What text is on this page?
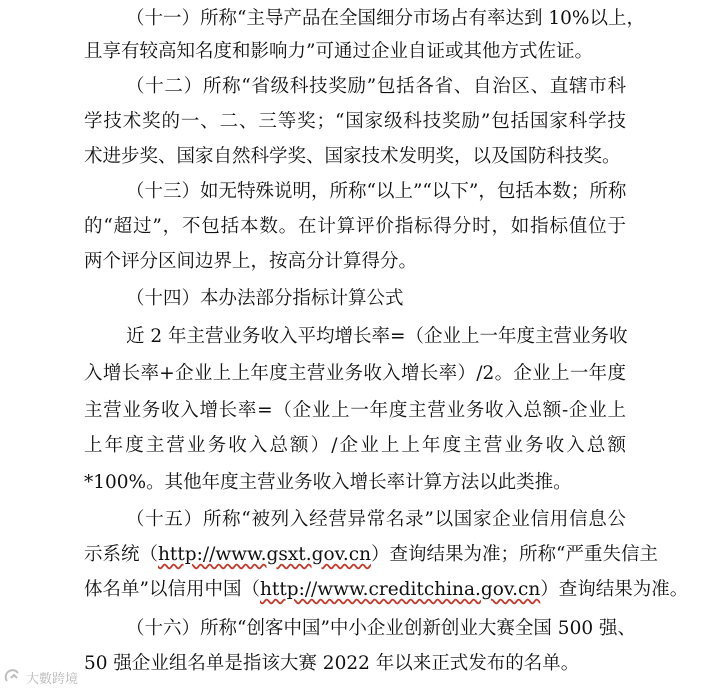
（十一）所称“主导产品在全国细分市场占有率达到 10%以上，
且享有较高知名度和影响力”可通过企业自证或其他方式佐证。
（十二）所称“省级科技奖励”包括各省、自治区、直辖市科
学技术奖的一、二、三等奖；“国家级科技奖励”包括国家科学技
术进步奖、国家自然科学奖、国家技术发明奖，以及国防科技奖。
（十三）如无特殊说明，所称“以上”“以下”，包括本数；所称
的“超过”，不包括本数。在计算评价指标得分时，如指标值位于
两个评分区间边界上，按高分计算得分。
（十四）本办法部分指标计算公式
近 2 年主营业务收入平均增长率=（企业上一年度主营业务收
入增长率+企业上上年度主营业务收入增长率）/2。企业上一年度
主营业务收入增长率=（企业上一年度主营业务收入总额-企业上
上年度主营业务收入总额）/企业上上年度主营业务收入总额
*100%。其他年度主营业务收入增长率计算方法以此类推。
（十五）所称“被列入经营异常名录”以国家企业信用信息公
示系统（http://www.gsxt.gov.cn）查询结果为准；所称“严重失信主
体名单”以信用中国（http://www.creditchina.gov.cn）查询结果为准。
（十六）所称“创客中国”中小企业创新创业大赛全国 500 强、
50 强企业组名单是指该大赛 2022 年以来正式发布的名单。
大數跨境
